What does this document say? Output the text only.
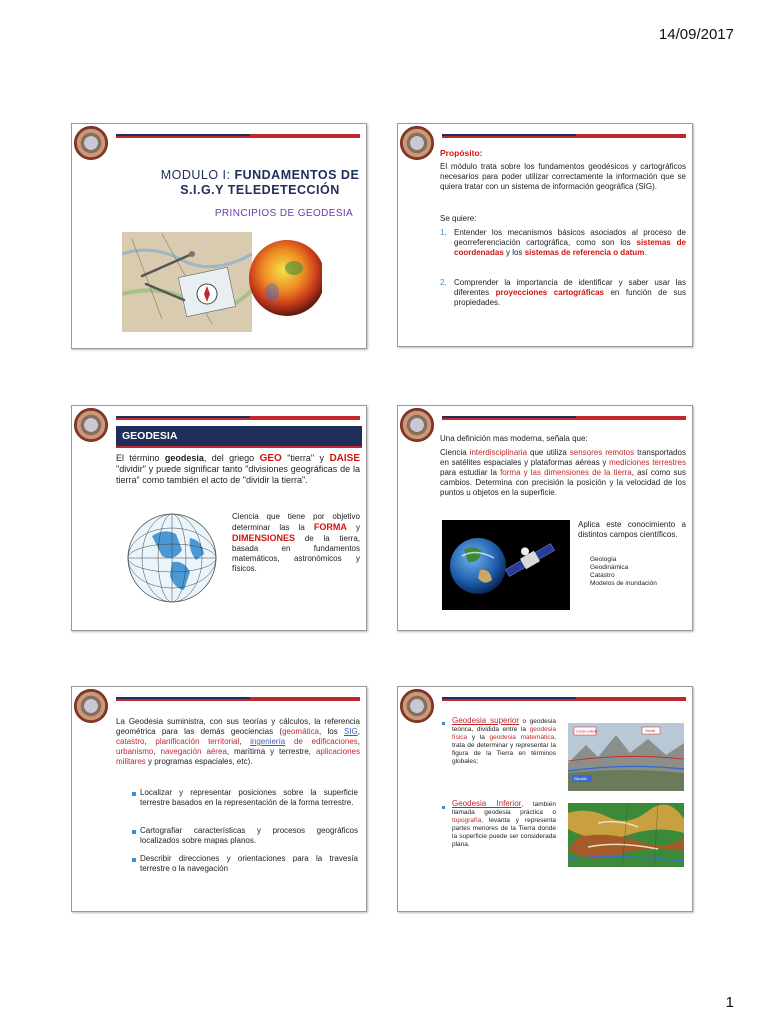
14/09/2017
MODULO I: FUNDAMENTOS DE S.I.G.Y TELEDETECCIÓN
PRINCIPIOS DE GEODESIA
Propósito:
El módulo trata sobre los fundamentos geodésicos y cartográficos necesarios para poder utilizar correctamente la información que se quiera tratar con un sistema de información geográfica (SIG).
Se quiere:
1. Entender los mecanismos básicos asociados al proceso de georreferenciación cartográfica, como son los sistemas de coordenadas y los sistemas de referencia o datum.
2. Comprender la importancia de identificar y saber usar las diferentes proyecciones cartográficas en función de sus propiedades.
GEODESIA
El término geodesia, del griego GEO "tierra" y DAISE "dividir" y puede significar tanto "divisiones geográficas de la tierra" como también el acto de "dividir la tierra".
Ciencia que tiene por objetivo determinar las la FORMA y DIMENSIONES de la tierra, basada en fundamentos matemáticos, astronómicos y físicos.
Una definición mas moderna, señala que:
Ciencia interdisciplinaria que utiliza sensores remotos transportados en satélites espaciales y plataformas aéreas y mediciones terrestres para estudiar la forma y las dimensiones de la tierra, así como sus cambios. Determina con precisión la posición y la velocidad de los puntos u objetos en la superficie.
Aplica este conocimiento a distintos campos científicos.
Geología
Geodinámica
Catastro
Modelos de inundación
La Geodesia suministra, con sus teorías y cálculos, la referencia geométrica para las demás geociencias (geomática, los SIG, catastro, planificación territorial, ingeniería de edificaciones, urbanismo, navegación aérea, marítima y terrestre, aplicaciones militares y programas espaciales, etc).
Localizar y representar posiciones sobre la superficie terrestre basados en la representación de la forma terrestre.
Cartografiar características y procesos geográficos localizados sobre mapas planos.
Describir direcciones y orientaciones para la travesía terrestre o la navegación
Geodesia superior o geodesia teórica, dividida entre la geodesia física y la geodesia matemática, trata de determinar y representar la figura de la Tierra en términos globales;
Geodesia Inferior, también llamada geodesia práctica o topografía, levanta y representa partes menores de la Tierra donde la superficie puede ser considerada plana.
Cuerpo celeste	Geoide
Elipsoide
1
